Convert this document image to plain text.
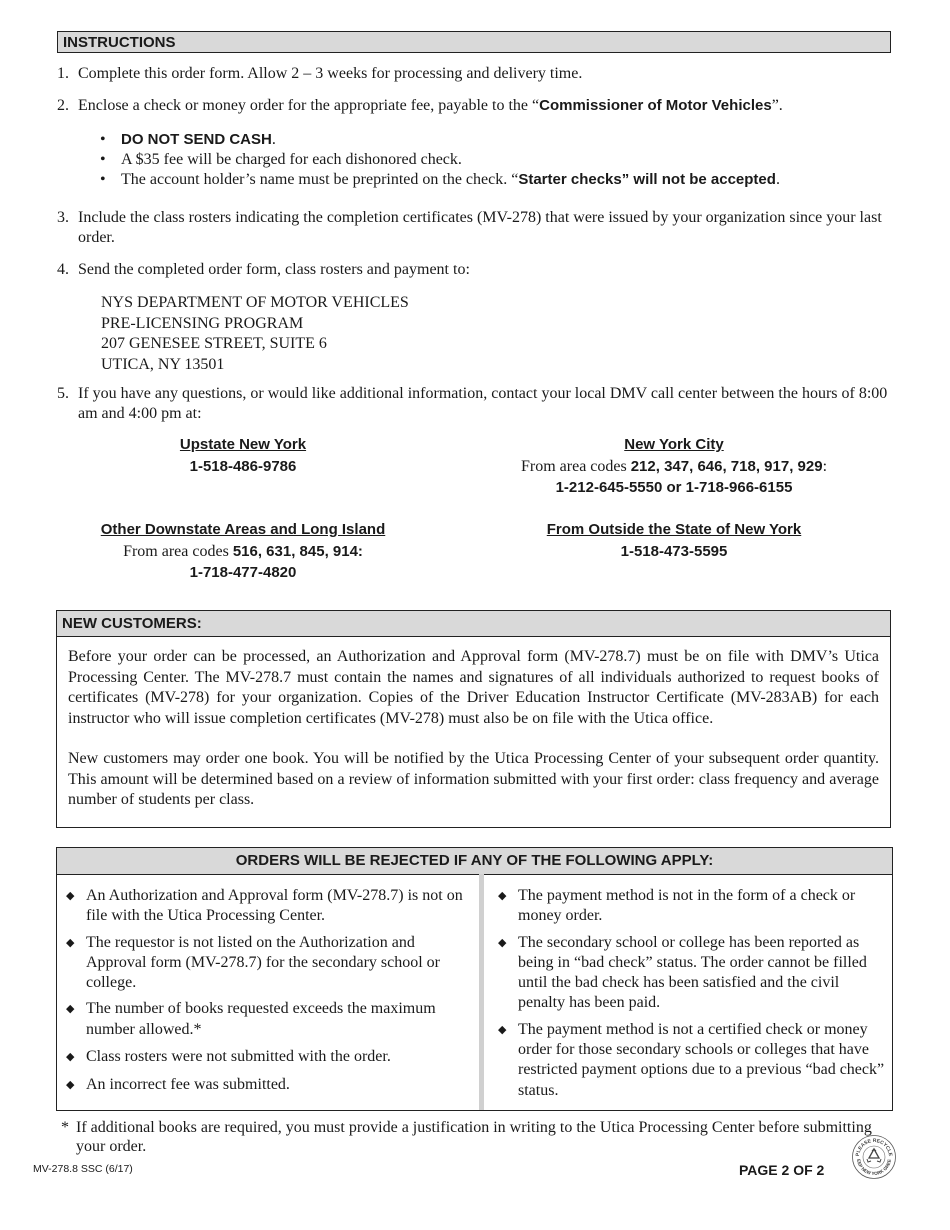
INSTRUCTIONS
1. Complete this order form. Allow 2 – 3 weeks for processing and delivery time.
2. Enclose a check or money order for the appropriate fee, payable to the “Commissioner of Motor Vehicles”.
• DO NOT SEND CASH.
• A $35 fee will be charged for each dishonored check.
• The account holder’s name must be preprinted on the check. “Starter checks” will not be accepted.
3. Include the class rosters indicating the completion certificates (MV-278) that were issued by your organization since your last order.
4. Send the completed order form, class rosters and payment to:
NYS DEPARTMENT OF MOTOR VEHICLES
PRE-LICENSING PROGRAM
207 GENESEE STREET, SUITE 6
UTICA, NY 13501
5. If you have any questions, or would like additional information, contact your local DMV call center between the hours of 8:00 am and 4:00 pm at:
Upstate New York
1-518-486-9786
New York City
From area codes 212, 347, 646, 718, 917, 929:
1-212-645-5550 or 1-718-966-6155
Other Downstate Areas and Long Island
From area codes 516, 631, 845, 914:
1-718-477-4820
From Outside the State of New York
1-518-473-5595
NEW CUSTOMERS:

Before your order can be processed, an Authorization and Approval form (MV-278.7) must be on file with DMV’s Utica Processing Center. The MV-278.7 must contain the names and signatures of all individuals authorized to request books of certificates (MV-278) for your organization. Copies of the Driver Education Instructor Certificate (MV-283AB) for each instructor who will issue completion certificates (MV-278) must also be on file with the Utica office.

New customers may order one book. You will be notified by the Utica Processing Center of your subsequent order quantity. This amount will be determined based on a review of information submitted with your first order: class frequency and average number of students per class.

ORDERS WILL BE REJECTED IF ANY OF THE FOLLOWING APPLY:
◆ An Authorization and Approval form (MV-278.7) is not on file with the Utica Processing Center.
◆ The requestor is not listed on the Authorization and Approval form (MV-278.7) for the secondary school or college.
◆ The number of books requested exceeds the maximum number allowed.*
◆ Class rosters were not submitted with the order.
◆ An incorrect fee was submitted.
◆ The payment method is not in the form of a check or money order.
◆ The secondary school or college has been reported as being in “bad check” status. The order cannot be filled until the bad check has been satisfied and the civil penalty has been paid.
◆ The payment method is not a certified check or money order for those secondary schools or colleges that have restricted payment options due to a previous “bad check” status.
* If additional books are required, you must provide a justification in writing to the Utica Processing Center before submitting your order.
MV-278.8 SSC (6/17)	PAGE 2 OF 2
PLEASE RECYCLE
EEP NEW YORK GREE
